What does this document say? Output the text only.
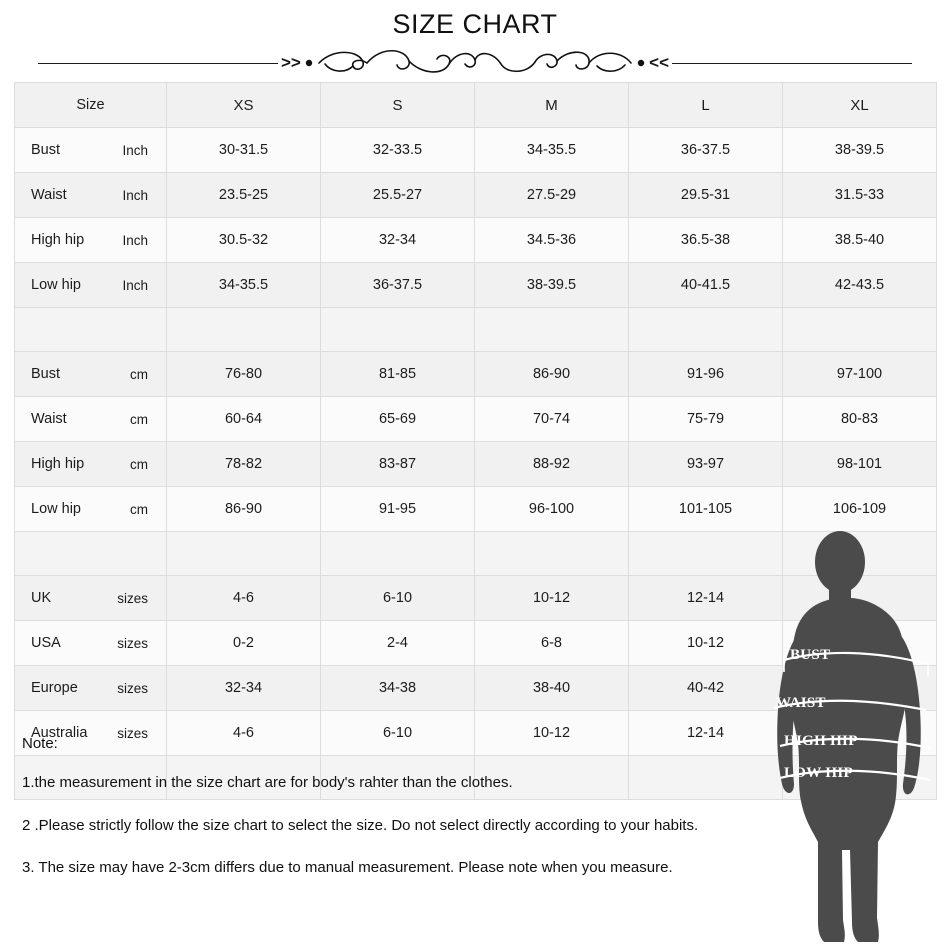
SIZE CHART
>>	<<
Size	XS	S	M	L	XL

Bust Inch	30-31.5	32-33.5	34-35.5	36-37.5	38-39.5

Waist Inch	23.5-25	25.5-27	27.5-29	29.5-31	31.5-33

High hip Inch	30.5-32	32-34	34.5-36	36.5-38	38.5-40

Low hip Inch	34-35.5	36-37.5	38-39.5	40-41.5	42-43.5

Bust cm	76-80	81-85	86-90	91-96	97-100

Waist cm	60-64	65-69	70-74	75-79	80-83

High hip cm	78-82	83-87	88-92	93-97	98-101

Low hip cm	86-90	91-95	96-100	101-105	106-109

UK sizes	4-6	6-10	10-12	12-14	

USA sizes	0-2	2-4	6-8	10-12	

Europe sizes	32-34	34-38	38-40	40-42	

Australia sizes	4-6	6-10	10-12	12-14	

Note:

1.the measurement in the size chart are for body's rahter than the clothes.

2 .Please strictly follow the size chart to select the size. Do not select directly according to your habits.

3. The size may have 2-3cm differs due to manual measurement. Please note when you measure.

BUST
WAIST
HIGH HIP
LOW HIP
